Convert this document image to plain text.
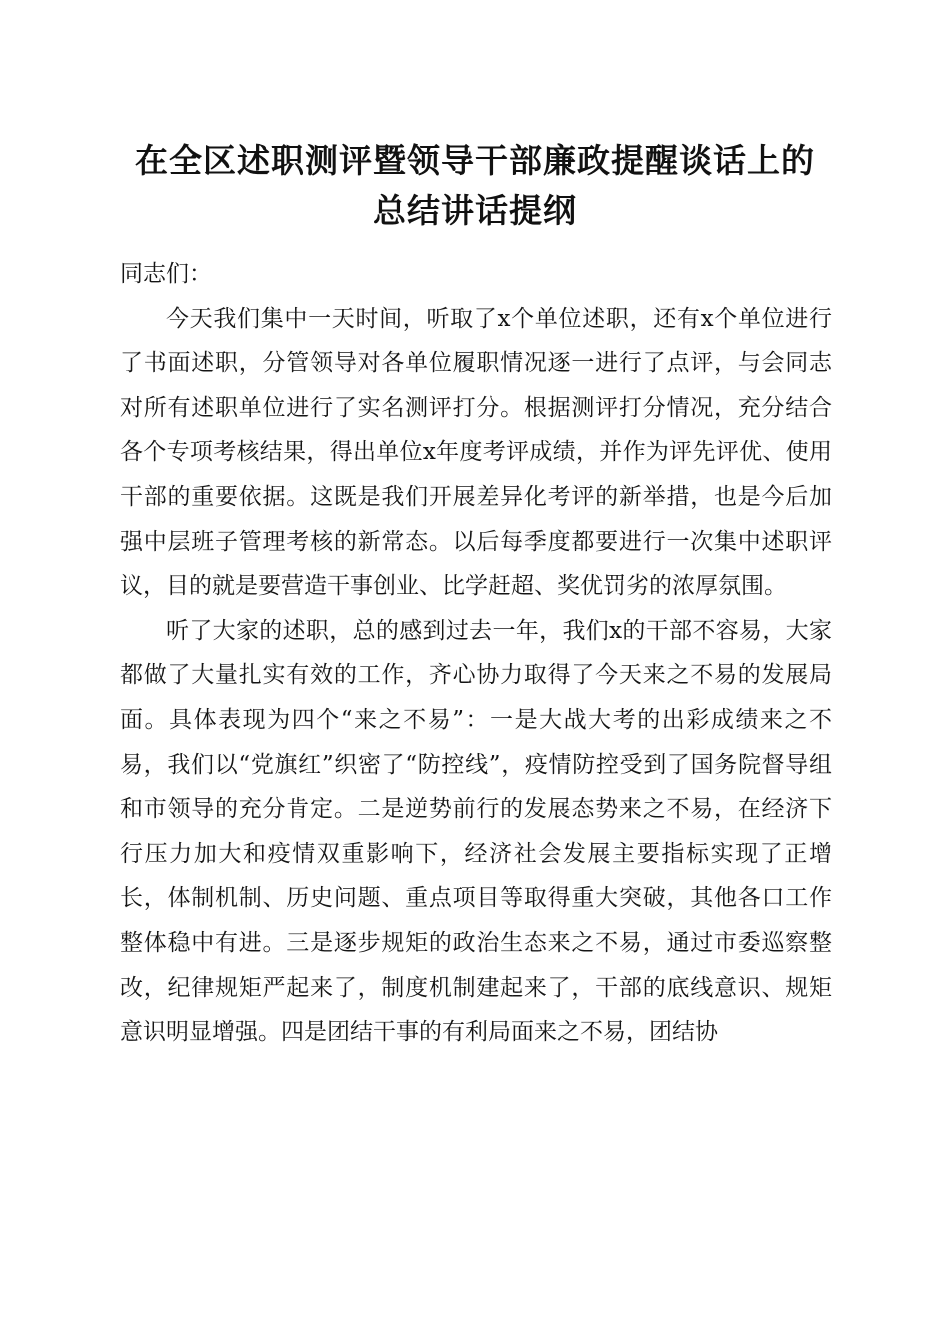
在全区述职测评暨领导干部廉政提醒谈话上的
总结讲话提纲

同志们：

今天我们集中一天时间，听取了x个单位述职，还有x个单位进行了书面述职，分管领导对各单位履职情况逐一进行了点评，与会同志对所有述职单位进行了实名测评打分。根据测评打分情况，充分结合各个专项考核结果，得出单位x年度考评成绩，并作为评先评优、使用干部的重要依据。这既是我们开展差异化考评的新举措，也是今后加强中层班子管理考核的新常态。以后每季度都要进行一次集中述职评议，目的就是要营造干事创业、比学赶超、奖优罚劣的浓厚氛围。

听了大家的述职，总的感到过去一年，我们x的干部不容易，大家都做了大量扎实有效的工作，齐心协力取得了今天来之不易的发展局面。具体表现为四个“来之不易”：一是大战大考的出彩成绩来之不易，我们以“党旗红”织密了“防控线”，疫情防控受到了国务院督导组和市领导的充分肯定。二是逆势前行的发展态势来之不易，在经济下行压力加大和疫情双重影响下，经济社会发展主要指标实现了正增长，体制机制、历史问题、重点项目等取得重大突破，其他各口工作整体稳中有进。三是逐步规矩的政治生态来之不易，通过市委巡察整改，纪律规矩严起来了，制度机制建起来了，干部的底线意识、规矩意识明显增强。四是团结干事的有利局面来之不易，团结协
